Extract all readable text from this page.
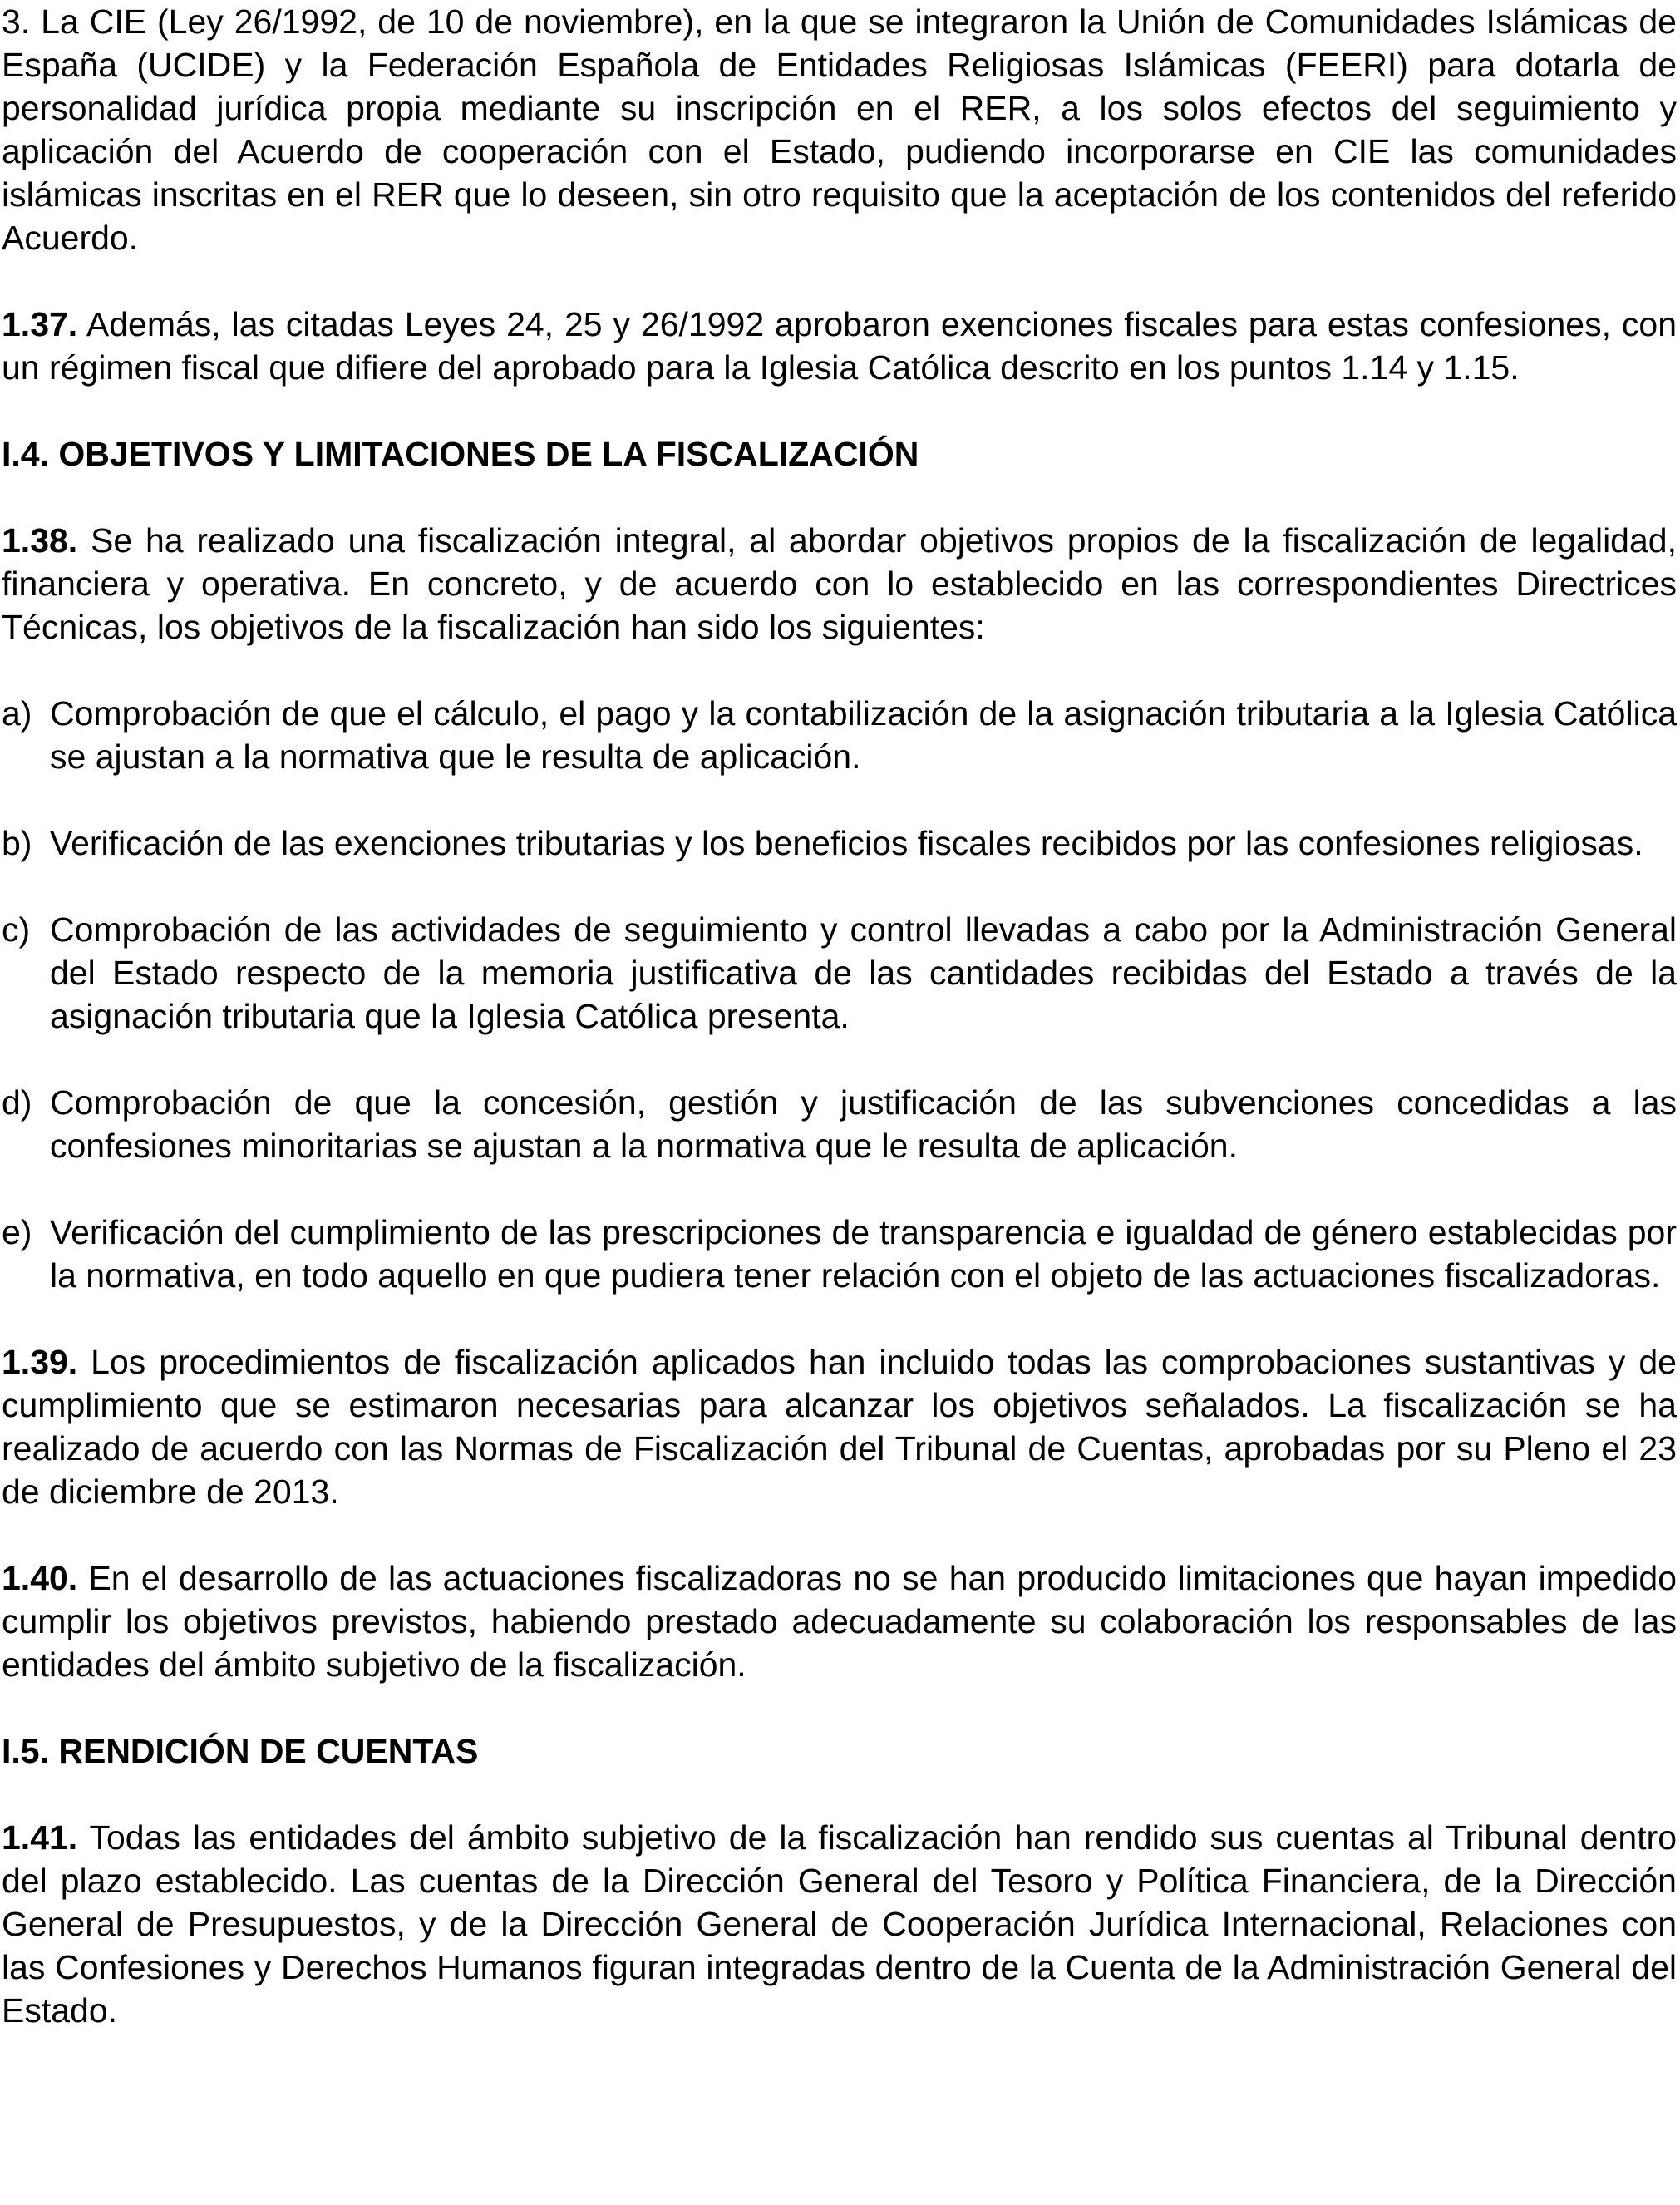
3. La CIE (Ley 26/1992, de 10 de noviembre), en la que se integraron la Unión de Comunidades Islámicas de España (UCIDE) y la Federación Española de Entidades Religiosas Islámicas (FEERI) para dotarla de personalidad jurídica propia mediante su inscripción en el RER, a los solos efectos del seguimiento y aplicación del Acuerdo de cooperación con el Estado, pudiendo incorporarse en CIE las comunidades islámicas inscritas en el RER que lo deseen, sin otro requisito que la aceptación de los contenidos del referido Acuerdo.

1.37. Además, las citadas Leyes 24, 25 y 26/1992 aprobaron exenciones fiscales para estas confesiones, con un régimen fiscal que difiere del aprobado para la Iglesia Católica descrito en los puntos 1.14 y 1.15.

I.4. OBJETIVOS Y LIMITACIONES DE LA FISCALIZACIÓN

1.38. Se ha realizado una fiscalización integral, al abordar objetivos propios de la fiscalización de legalidad, financiera y operativa. En concreto, y de acuerdo con lo establecido en las correspondientes Directrices Técnicas, los objetivos de la fiscalización han sido los siguientes:

a) Comprobación de que el cálculo, el pago y la contabilización de la asignación tributaria a la Iglesia Católica se ajustan a la normativa que le resulta de aplicación.
b) Verificación de las exenciones tributarias y los beneficios fiscales recibidos por las confesiones religiosas.
c) Comprobación de las actividades de seguimiento y control llevadas a cabo por la Administración General del Estado respecto de la memoria justificativa de las cantidades recibidas del Estado a través de la asignación tributaria que la Iglesia Católica presenta.
d) Comprobación de que la concesión, gestión y justificación de las subvenciones concedidas a las confesiones minoritarias se ajustan a la normativa que le resulta de aplicación.
e) Verificación del cumplimiento de las prescripciones de transparencia e igualdad de género establecidas por la normativa, en todo aquello en que pudiera tener relación con el objeto de las actuaciones fiscalizadoras.

1.39. Los procedimientos de fiscalización aplicados han incluido todas las comprobaciones sustantivas y de cumplimiento que se estimaron necesarias para alcanzar los objetivos señalados. La fiscalización se ha realizado de acuerdo con las Normas de Fiscalización del Tribunal de Cuentas, aprobadas por su Pleno el 23 de diciembre de 2013.

1.40. En el desarrollo de las actuaciones fiscalizadoras no se han producido limitaciones que hayan impedido cumplir los objetivos previstos, habiendo prestado adecuadamente su colaboración los responsables de las entidades del ámbito subjetivo de la fiscalización.

I.5. RENDICIÓN DE CUENTAS

1.41. Todas las entidades del ámbito subjetivo de la fiscalización han rendido sus cuentas al Tribunal dentro del plazo establecido. Las cuentas de la Dirección General del Tesoro y Política Financiera, de la Dirección General de Presupuestos, y de la Dirección General de Cooperación Jurídica Internacional, Relaciones con las Confesiones y Derechos Humanos figuran integradas dentro de la Cuenta de la Administración General del Estado.
